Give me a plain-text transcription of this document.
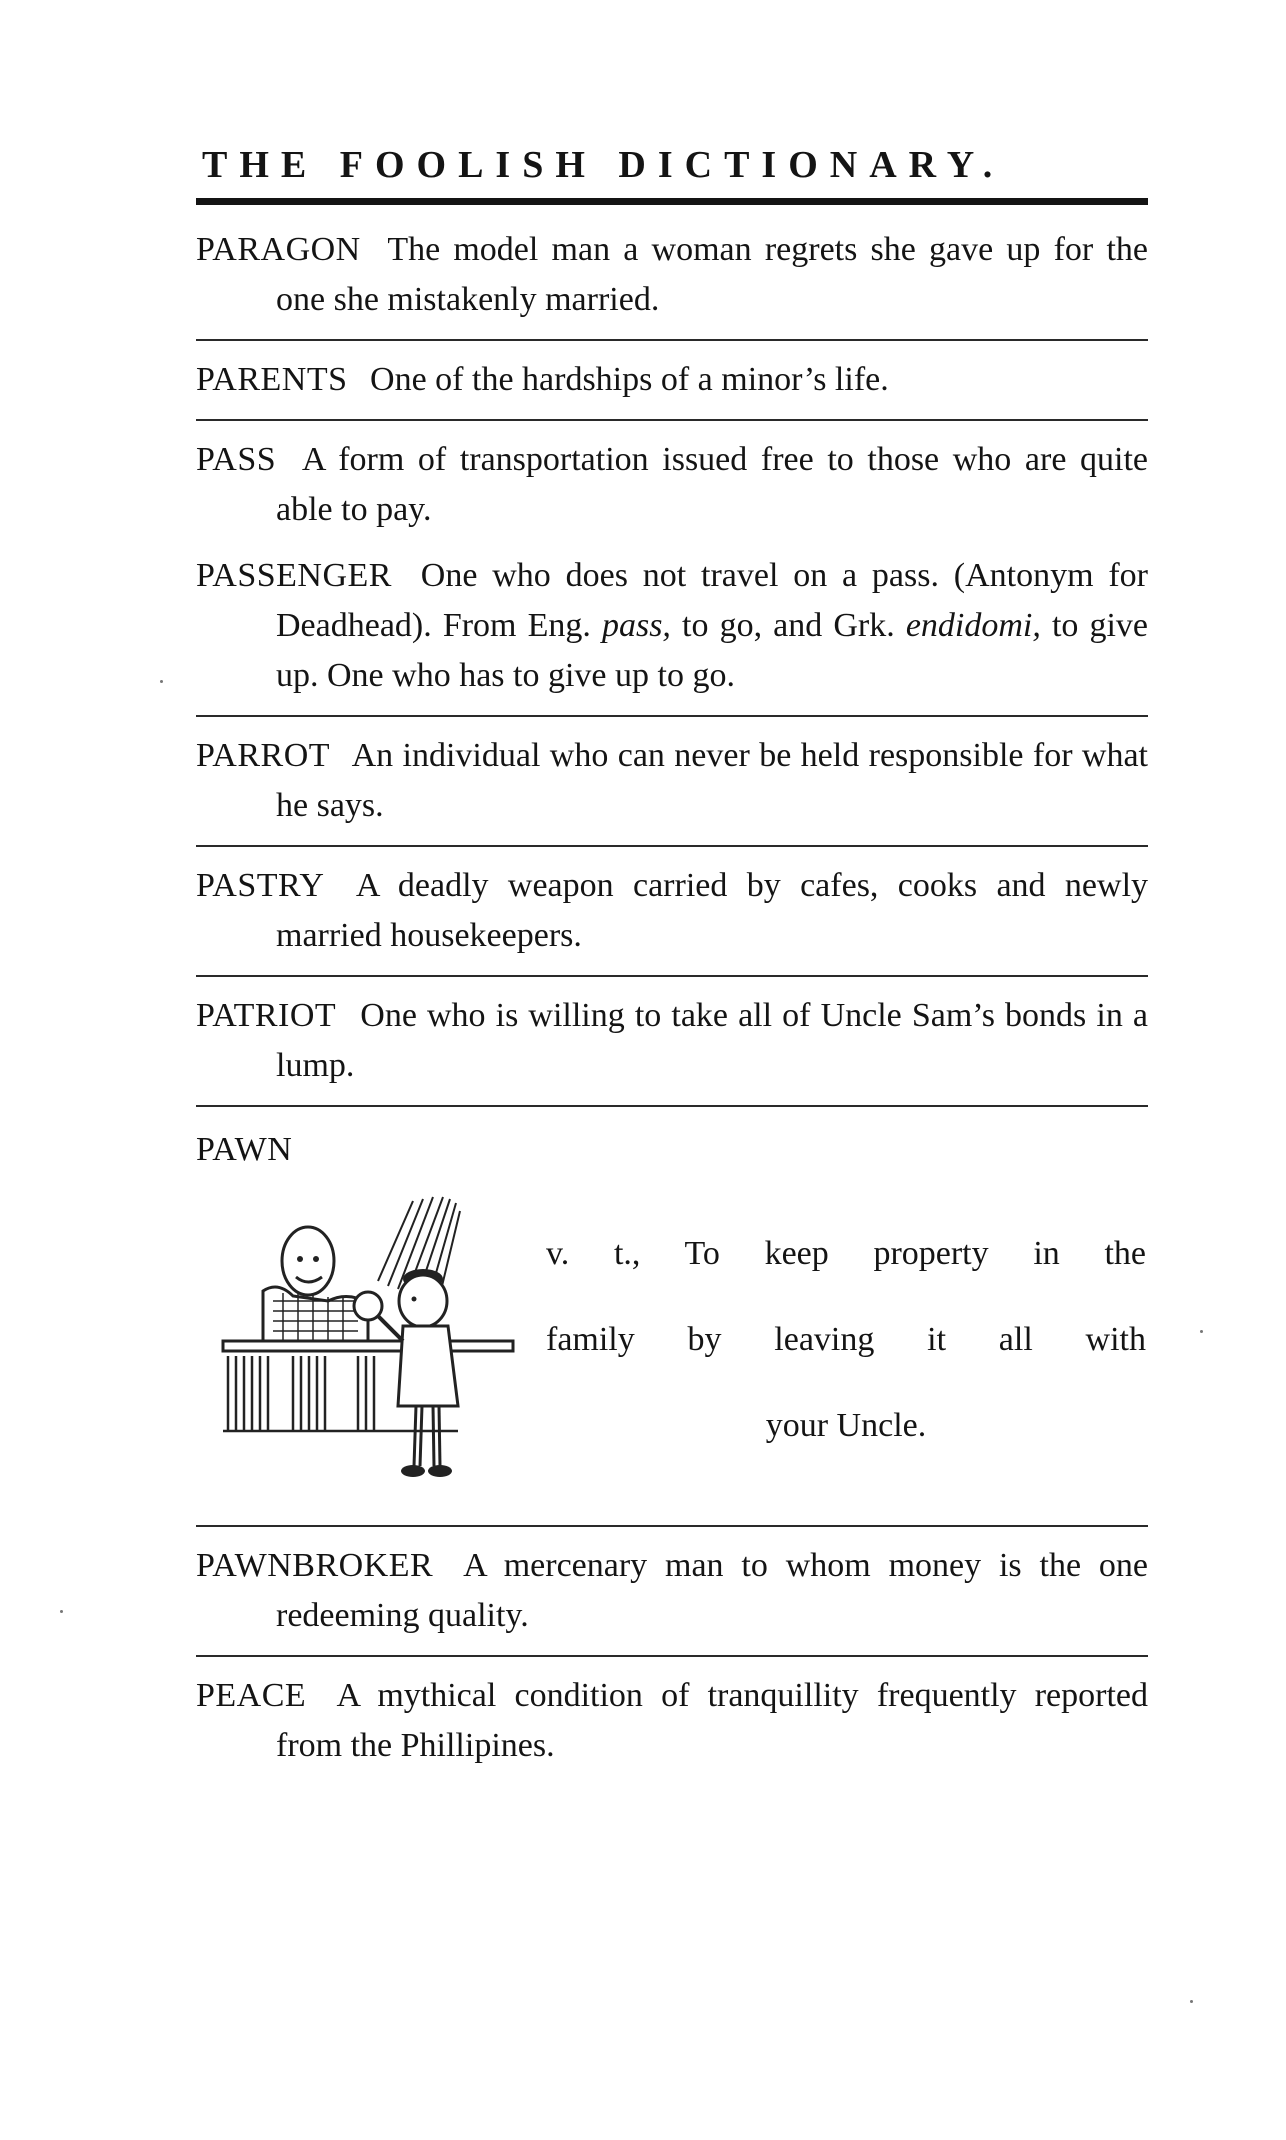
THE FOOLISH DICTIONARY.

PARAGON The model man a woman regrets she gave up for the one she mistakenly married.

PARENTS One of the hardships of a minor’s life.

PASS A form of transportation issued free to those who are quite able to pay.

PASSENGER One who does not travel on a pass. (Antonym for Deadhead). From Eng. pass, to go, and Grk. endidomi, to give up. One who has to give up to go.

PARROT An individual who can never be held responsible for what he says.

PASTRY A deadly weapon carried by cafes, cooks and newly married housekeepers.

PATRIOT One who is willing to take all of Uncle Sam’s bonds in a lump.

PAWN

v. t., To keep property in the
family by leaving it all with
your Uncle.

PAWNBROKER A mercenary man to whom money is the one redeeming quality.

PEACE A mythical condition of tranquillity frequently reported from the Phillipines.
